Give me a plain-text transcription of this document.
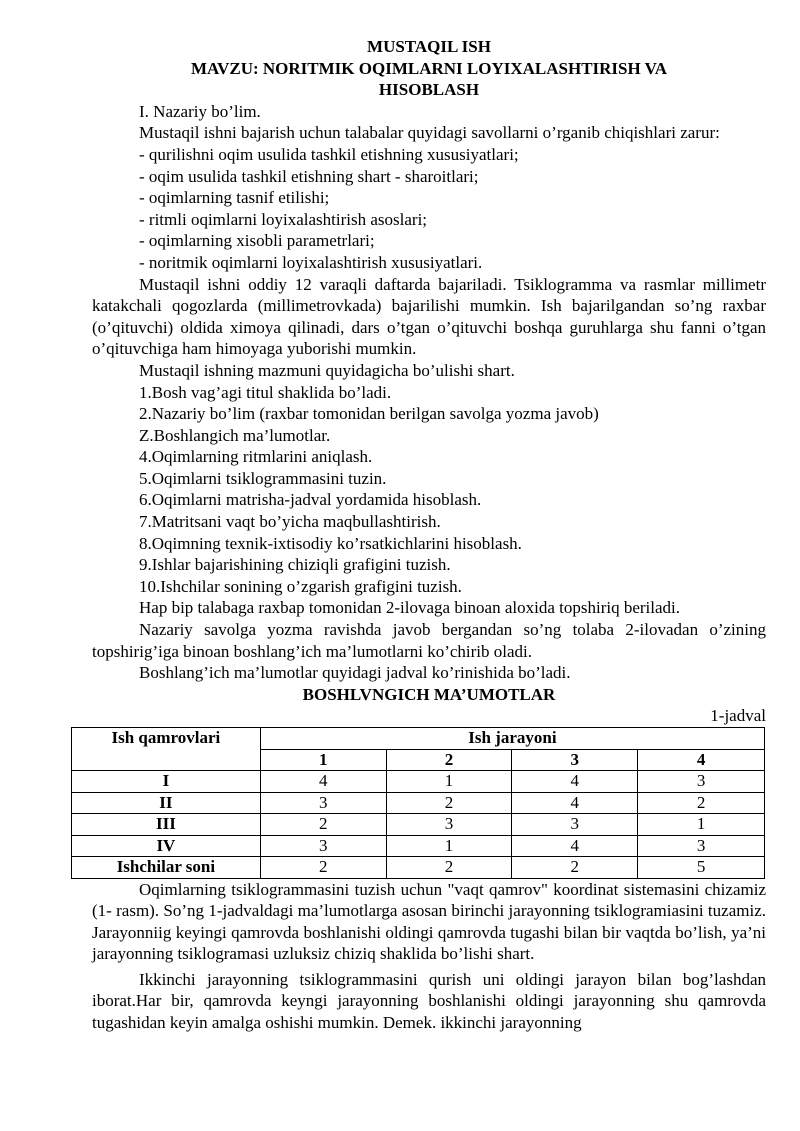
MUSTAQIL ISH
MAVZU: NORITMIK OQIMLARNI LOYIXALASHTIRISH VA
HISOBLASH

I. Nazariy bo’lim.

Mustaqil ishni bajarish uchun talabalar quyidagi savollarni o’rganib chiqishlari zarur:

- qurilishni oqim usulida tashkil etishning xususiyatlari;
- oqim usulida tashkil etishning shart - sharoitlari;
- oqimlarning tasnif etilishi;
- ritmli oqimlarni loyixalashtirish asoslari;
- oqimlarning xisobli parametrlari;
- noritmik oqimlarni loyixalashtirish xususiyatlari.

Mustaqil ishni oddiy 12 varaqli daftarda bajariladi. Tsiklogramma va rasmlar millimetr katakchali qogozlarda (millimetrovkada) bajarilishi mumkin. Ish bajarilgandan so’ng raxbar (o’qituvchi) oldida ximoya qilinadi, dars o’tgan o’qituvchi boshqa guruhlarga shu fanni o’tgan o’qituvchiga ham himoyaga yuborishi mumkin.

Mustaqil ishning mazmuni quyidagicha bo’ulishi shart.

1.Bosh vag’agi titul shaklida bo’ladi.
2.Nazariy bo’lim (raxbar tomonidan berilgan savolga yozma javob)
Z.Boshlangich ma’lumotlar.
4.Oqimlarning ritmlarini aniqlash.
5.Oqimlarni tsiklogrammasini tuzin.
6.Oqimlarni matrisha-jadval yordamida hisoblash.
7.Matritsani vaqt bo’yicha maqbullashtirish.
8.Oqimning texnik-ixtisodiy ko’rsatkichlarini hisoblash.
9.Ishlar bajarishining chiziqli grafigini tuzish.
10.Ishchilar sonining o’zgarish grafigini tuzish.

Hap bip talabaga raxbap tomonidan 2-ilovaga binoan aloxida topshiriq beriladi.

Nazariy savolga yozma ravishda javob bergandan so’ng tolaba 2-ilovadan o’zining topshirig’iga binoan boshlang’ich ma’lumotlarni ko’chirib oladi.

Boshlang’ich ma’lumotlar quyidagi jadval ko’rinishida bo’ladi.

BOSHLVNGICH MA’UMOTLAR
1-jadval
Ish qamrovlari	Ish jarayoni			
	1	2	3	4
I	4	1	4	3
II	3	2	4	2
III	2	3	3	1
IV	3	1	4	3
Ishchilar soni	2	2	2	5

Oqimlarning tsiklogrammasini tuzish uchun "vaqt qamrov" koordinat sistemasini chizamiz (1- rasm). So’ng 1-jadvaldagi ma’lumotlarga asosan birinchi jarayonning tsiklogramiasini tuzamiz. Jarayonniig keyingi qamrovda boshlanishi oldingi qamrovda tugashi bilan bir vaqtda bo’lish, ya’ni jarayonning tsiklogramasi uzluksiz chiziq shaklida bo’lishi shart.

Ikkinchi jarayonning tsiklogrammasini qurish uni oldingi jarayon bilan bog’lashdan iborat.Har bir, qamrovda keyngi jarayonning boshlanishi oldingi jarayonning shu qamrovda tugashidan keyin amalga oshishi mumkin. Demek. ikkinchi jarayonning
